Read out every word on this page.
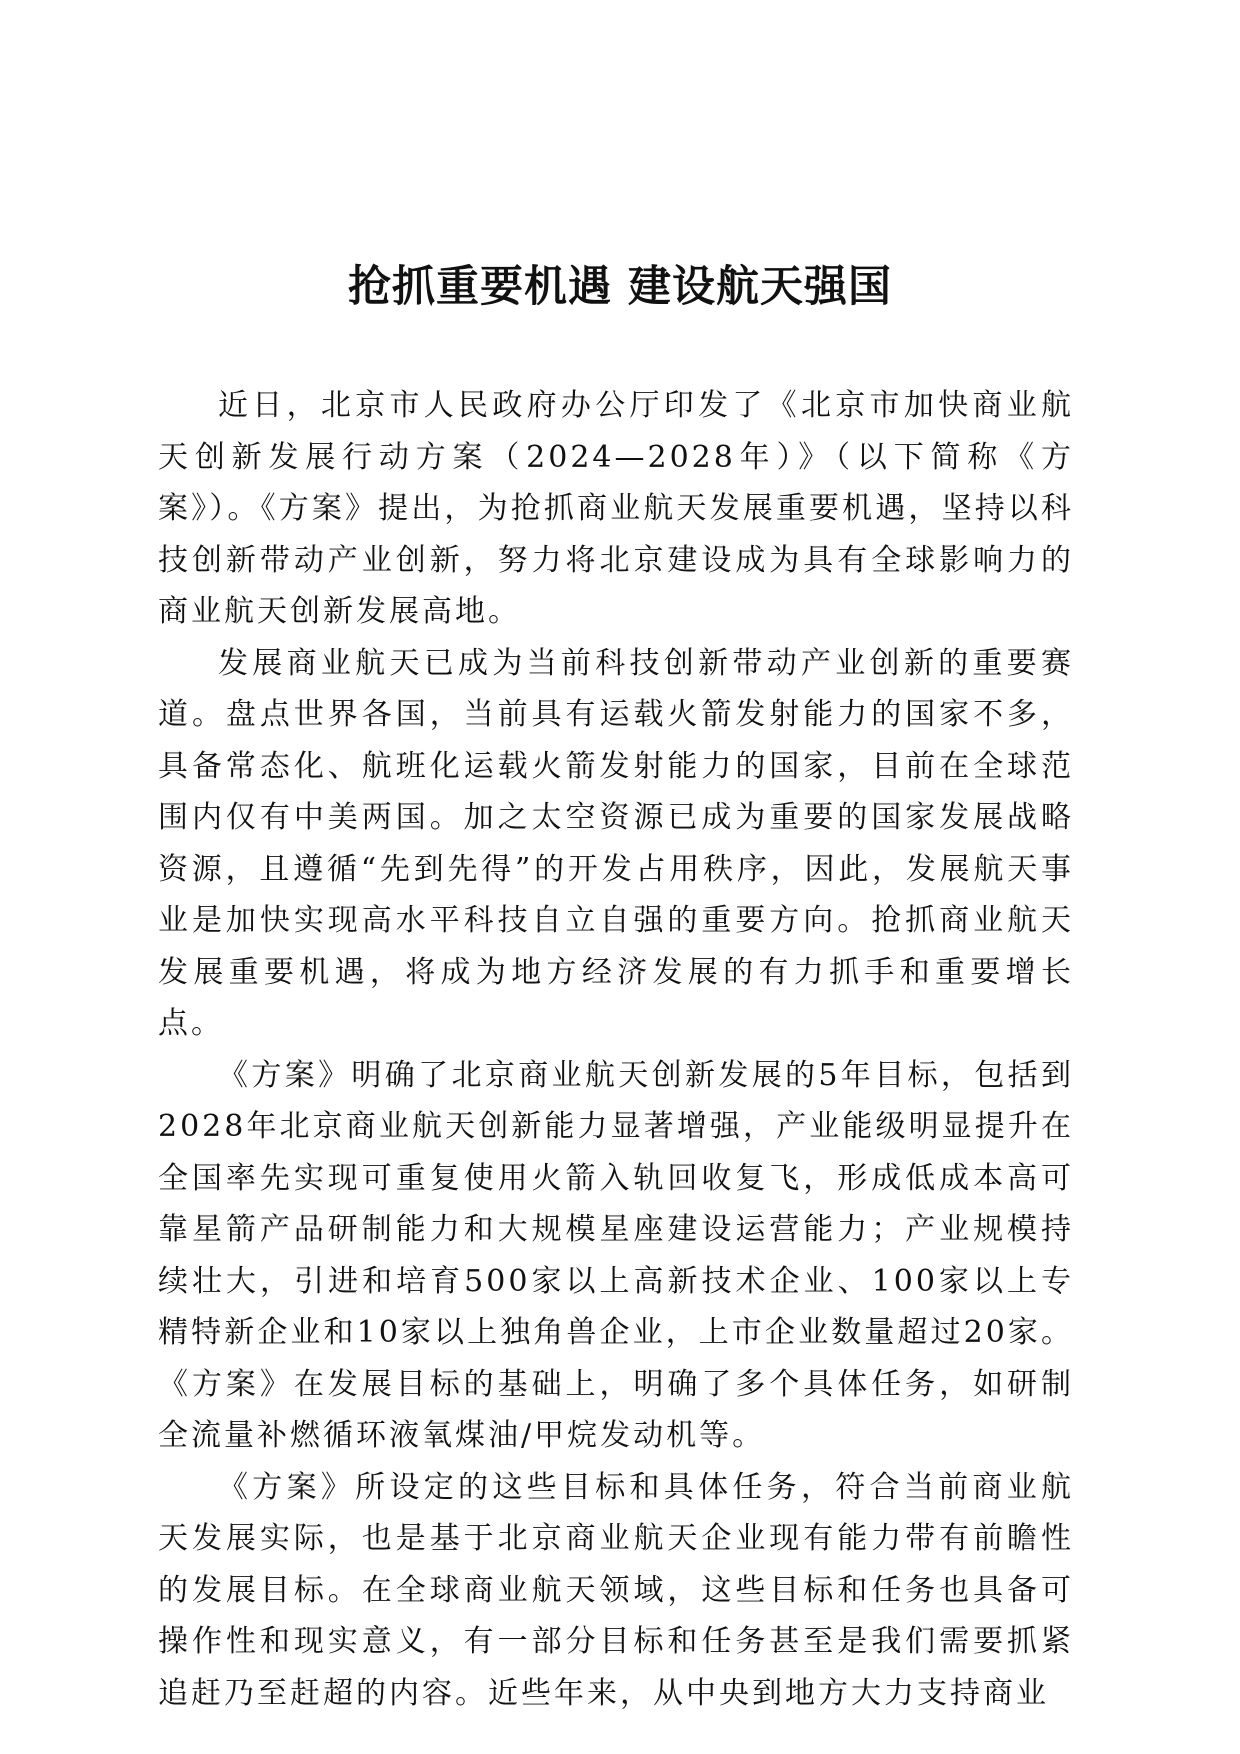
抢抓重要机遇 建设航天强国

近日，北京市人民政府办公厅印发了《北京市加快商业航天创新发展行动方案（2024—2028年）》（以下简称《方案》）。《方案》提出，为抢抓商业航天发展重要机遇，坚持以科技创新带动产业创新，努力将北京建设成为具有全球影响力的商业航天创新发展高地。

发展商业航天已成为当前科技创新带动产业创新的重要赛道。盘点世界各国，当前具有运载火箭发射能力的国家不多，具备常态化、航班化运载火箭发射能力的国家，目前在全球范围内仅有中美两国。加之太空资源已成为重要的国家发展战略资源，且遵循“先到先得”的开发占用秩序，因此，发展航天事业是加快实现高水平科技自立自强的重要方向。抢抓商业航天发展重要机遇，将成为地方经济发展的有力抓手和重要增长点。

《方案》明确了北京商业航天创新发展的5年目标，包括到2028年北京商业航天创新能力显著增强，产业能级明显提升在全国率先实现可重复使用火箭入轨回收复飞，形成低成本高可靠星箭产品研制能力和大规模星座建设运营能力；产业规模持续壮大，引进和培育500家以上高新技术企业、100家以上专精特新企业和10家以上独角兽企业，上市企业数量超过20家。《方案》在发展目标的基础上，明确了多个具体任务，如研制全流量补燃循环液氧煤油/甲烷发动机等。

《方案》所设定的这些目标和具体任务，符合当前商业航天发展实际，也是基于北京商业航天企业现有能力带有前瞻性的发展目标。在全球商业航天领域，这些目标和任务也具备可操作性和现实意义，有一部分目标和任务甚至是我们需要抓紧追赶乃至赶超的内容。近些年来，从中央到地方大力支持商业
